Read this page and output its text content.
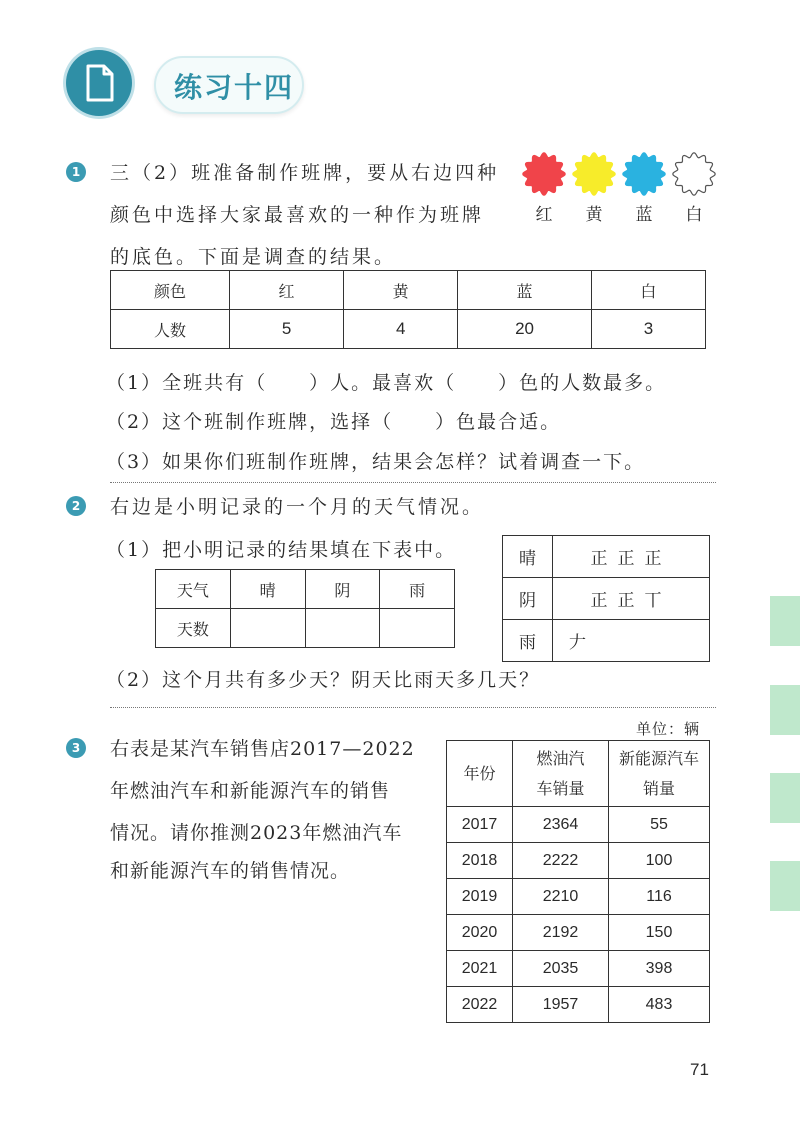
练习十四
1	三（2）班准备制作班牌，要从右边四种
颜色中选择大家最喜欢的一种作为班牌
的底色。下面是调查的结果。
红	黄	蓝	白
颜色	红	黄	蓝	白
人数	5	4	20	3
（1）全班共有（　　）人。最喜欢（　　）色的人数最多。
（2）这个班制作班牌，选择（　　）色最合适。
（3）如果你们班制作班牌，结果会怎样？试着调查一下。
2	右边是小明记录的一个月的天气情况。
（1）把小明记录的结果填在下表中。
天气	晴	阴	雨
天数			
晴	正正正
阴	正正丅
雨	𠂇
（2）这个月共有多少天？阴天比雨天多几天？
单位：辆
3	右表是某汽车销售店2017—2022
年燃油汽车和新能源汽车的销售
情况。请你推测2023年燃油汽车
和新能源汽车的销售情况。
年份	燃油汽车销量	新能源汽车销量
2017	2364	55
2018	2222	100
2019	2210	116
2020	2192	150
2021	2035	398
2022	1957	483
71
